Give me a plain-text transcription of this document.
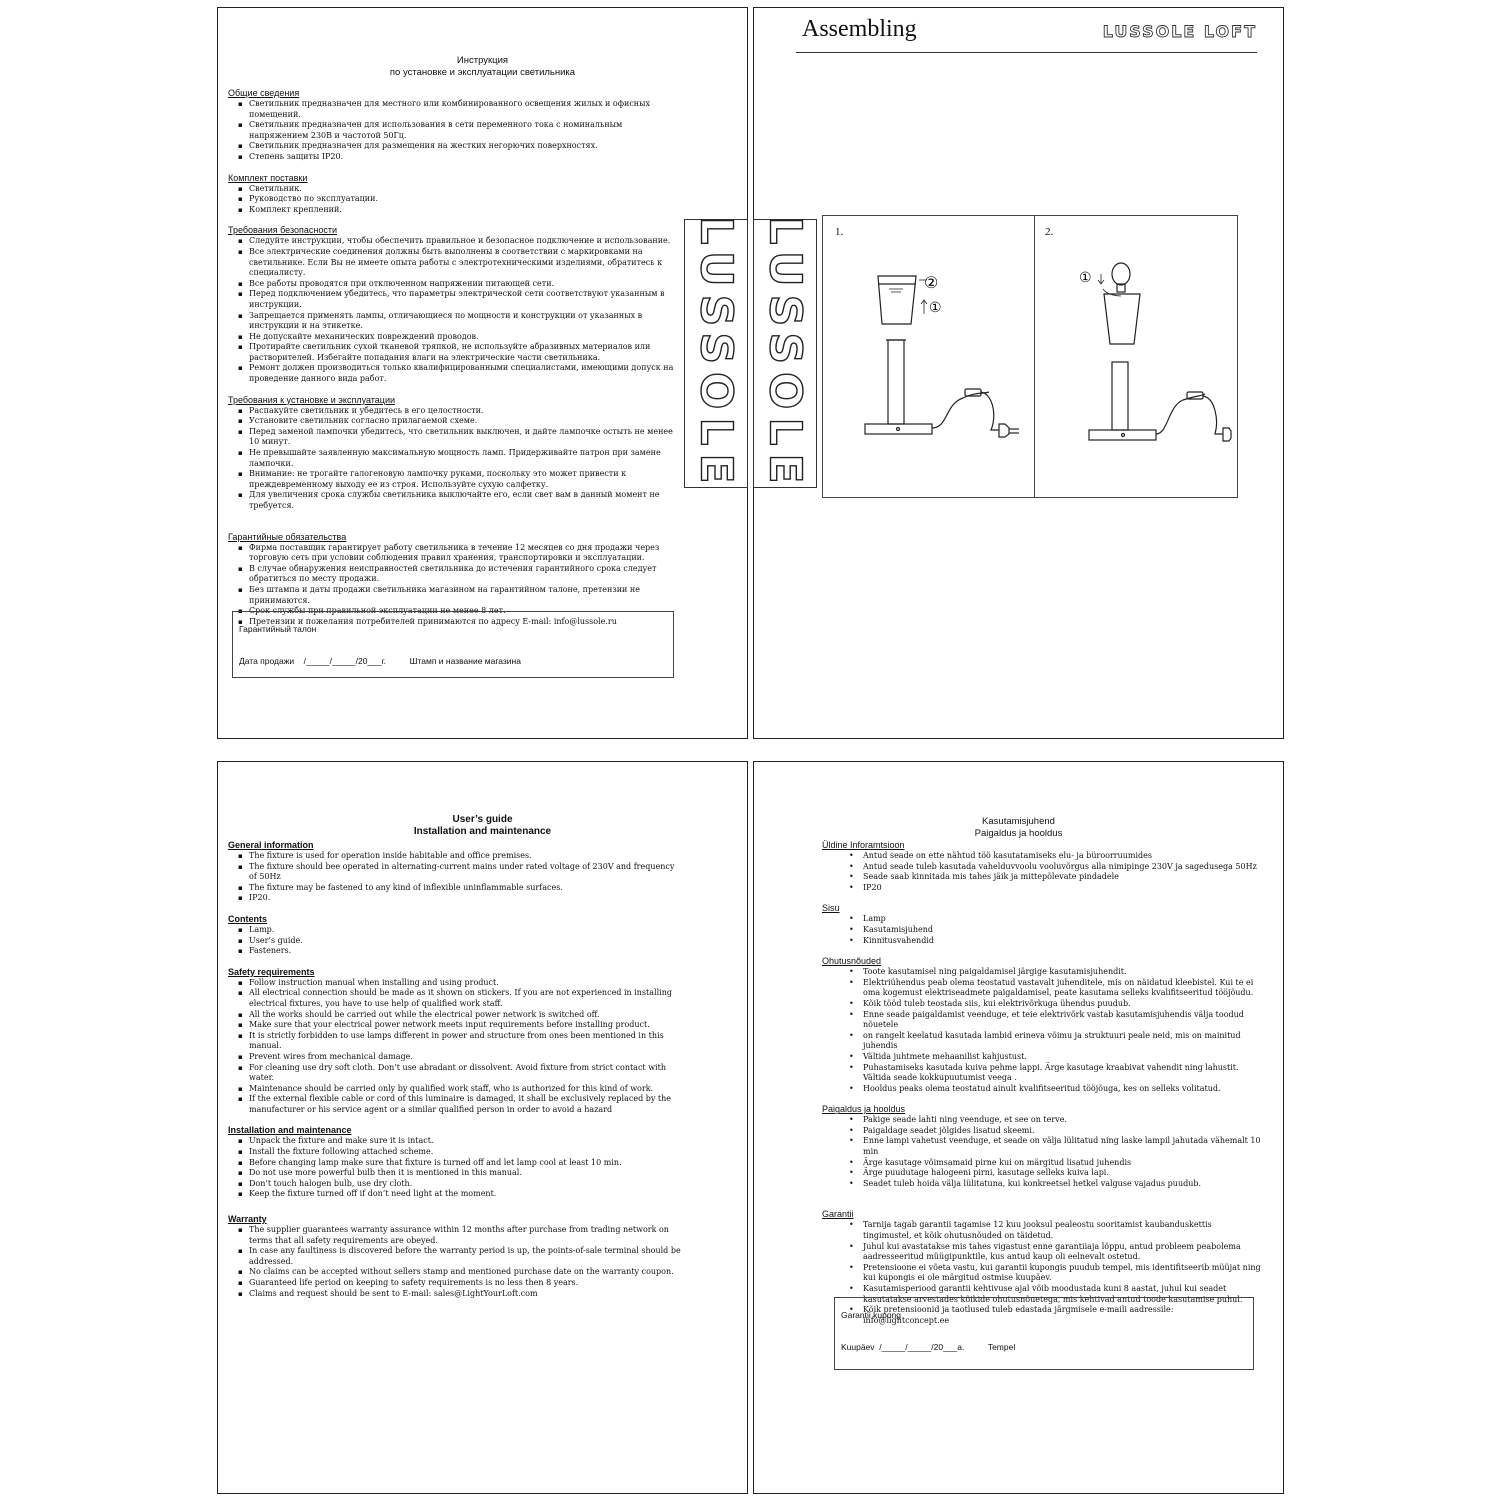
Инструкция
по установке и эксплуатации светильника
Общие сведения
▪ Светильник предназначен для местного или комбинированного освещения жилых и офисных помещений.
▪ Светильник предназначен для использования в сети переменного тока с номинальным напряжением 230В и частотой 50Гц.
▪ Светильник предназначен для размещения на жестких негорючих поверхностях.
▪ Степень защиты IP20.
Комплект поставки
▪ Светильник.
▪ Руководство по эксплуатации.
▪ Комплект креплений.
Требования безопасности
▪ Следуйте инструкции, чтобы обеспечить правильное и безопасное подключение и использование.
▪ Все электрические соединения должны быть выполнены в соответствии с маркировками на светильнике. Если Вы не имеете опыта работы с электротехническими изделиями, обратитесь к специалисту.
▪ Все работы проводятся при отключенном напряжении питающей сети.
▪ Перед подключением убедитесь, что параметры электрической сети соответствуют указанным в инструкции.
▪ Запрещается применять лампы, отличающиеся по мощности и конструкции от указанных в инструкции и на этикетке.
▪ Не допускайте механических повреждений проводов.
▪ Протирайте светильник сухой тканевой тряпкой, не используйте абразивных материалов или растворителей. Избегайте попадания влаги на электрические части светильника.
▪ Ремонт должен производиться только квалифицированными специалистами, имеющими допуск на проведение данного вида работ.
Требования к установке и эксплуатации
▪ Распакуйте светильник и убедитесь в его целостности.
▪ Установите светильник согласно прилагаемой схеме.
▪ Перед заменой лампочки убедитесь, что светильник выключен, и дайте лампочке остыть не менее 10 минут.
▪ Не превышайте заявленную максимальную мощность ламп. Придерживайте патрон при замене лампочки.
▪ Внимание: не трогайте галогеновую лампочку руками, поскольку это может привести к преждевременному выходу ее из строя. Используйте сухую салфетку.
▪ Для увеличения срока службы светильника выключайте его, если свет вам в данный момент не требуется.
Гарантийные обязательства
▪ Фирма поставщик гарантирует работу светильника в течение 12 месяцев со дня продажи через торговую сеть при условии соблюдения правил хранения, транспортировки и эксплуатации.
▪ В случае обнаружения неисправностей светильника до истечения гарантийного срока следует обратиться по месту продажи.
▪ Без штампа и даты продажи светильника магазином на гарантийном талоне, претензии не принимаются.
▪ Срок службы при правильной эксплуатации не менее 8 лет.
▪ Претензии и пожелания потребителей принимаются по адресу E-mail: info@lussole.ru
Гарантийный талон
Дата продажи    /_____/_____/20___г.          Штамп и название магазина
Assembling	LUSSOLE LOFT
1.	2.
②
①
①
LUSSOLE LUSSOLE
User’s guide
Installation and maintenance
General information
▪ The fixture is used for operation inside habitable and office premises.
▪ The fixture should bee operated in alternating-current mains under rated voltage of 230V and frequency of 50Hz
▪ The fixture may be fastened to any kind of inflexible uninflammable surfaces.
▪ IP20.
Contents
▪ Lamp.
▪ User’s guide.
▪ Fasteners.
Safety requirements
▪ Follow instruction manual when installing and using product.
▪ All electrical connection should be made as it shown on stickers. If you are not experienced in installing electrical fixtures, you have to use help of qualified work staff.
▪ All the works should be carried out while the electrical power network is switched off.
▪ Make sure that your electrical power network meets input requirements before installing product.
▪ It is strictly forbidden to use lamps different in power and structure from ones been mentioned in this manual.
▪ Prevent wires from mechanical damage.
▪ For cleaning use dry soft cloth. Don’t use abradant or dissolvent. Avoid fixture from strict contact with water.
▪ Maintenance should be carried only by qualified work staff, who is authorized for this kind of work.
▪ If the external flexible cable or cord of this luminaire is damaged, it shall be exclusively replaced by the manufacturer or his service agent or a similar qualified person in order to avoid a hazard
Installation and maintenance
▪ Unpack the fixture and make sure it is intact.
▪ Install the fixture following attached scheme.
▪ Before changing lamp make sure that fixture is turned off and let lamp cool at least 10 min.
▪ Do not use more powerful bulb then it is mentioned in this manual.
▪ Don’t touch halogen bulb, use dry cloth.
▪ Keep the fixture turned off if don’t need light at the moment.
Warranty
▪ The supplier guarantees warranty assurance within 12 months after purchase from trading network on terms that all safety requirements are obeyed.
▪ In case any faultiness is discovered before the warranty period is up, the points-of-sale terminal should be addressed.
▪ No claims can be accepted without sellers stamp and mentioned purchase date on the warranty coupon.
▪ Guaranteed life period on keeping to safety requirements is no less then 8 years.
▪ Claims and request should be sent to E-mail: sales@LightYourLoft.com
Kasutamisjuhend
Paigaldus ja hooldus
Üldine Inforamtsioon
• Antud seade on ette nähtud töö kasutatamiseks elu- ja büroorruumides
• Antud seade tuleb kasutada vahelduvvoolu vooluvõrgus alla nimipinge 230V ja sagedusega 50Hz
• Seade saab kinnitada mis tahes jäik ja mittepõlevate pindadele
• IP20
Sisu
• Lamp
• Kasutamisjuhend
• Kinnitusvahendid
Ohutusnõuded
• Toote kasutamisel ning paigaldamisel järgige kasutamisjuhendit.
• Elektriühendus peab olema teostatud vastavalt juhenditele, mis on näidatud kleebistel. Kui te ei oma kogemust elektriseadmete paigaldamisel, peate kasutama selleks kvalifitseeritud tööjõudu.
• Kõik tööd tuleb teostada siis, kui elektrivõrkuga ühendus puudub.
• Enne seade paigaldamist veenduge, et teie elektrivõrk vastab kasutamisjuhendis välja toodud nõuetele
• on rangelt keelatud kasutada lambid erineva võimu ja struktuuri peale neid, mis on mainitud juhendis
• Vältida juhtmete mehaanilist kahjustust.
• Puhastamiseks kasutada kuiva pehme lappi. Ärge kasutage kraabivat vahendit ning lahustit. Vältida seade kokkupuutumist veega .
• Hooldus peaks olema teostatud ainult kvalifitseeritud tööjõuga, kes on selleks volitatud.
Paigaldus ja hooldus
• Pakige seade lahti ning veenduge, et see on terve.
• Paigaldage seadet jõlgides lisatud skeemi.
• Enne lampi vahetust veenduge, et seade on välja lülitatud ning laske lampil jahutada vähemalt 10 min
• Ärge kasutage võimsamaid pirne kui on märgitud lisatud juhendis
• Ärge puudutage halogeeni pirni, kasutage selleks kuiva lapi.
• Seadet tuleb hoida välja lülitatuna, kui konkreetsel hetkel valguse vajadus puudub.
Garantii
• Tarnija tagab garantii tagamise 12 kuu jooksul pealeostu sooritamist kaubanduskettis tingimustel, et kõik ohutusnõuded on täidetud.
• Juhul kui avastatakse mis tahes vigastust enne garantiiaja lõppu, antud probleem peabolema aadresseeritud müügipunktile, kus antud kaup oli eelnevalt ostetud.
• Pretensioone ei võeta vastu, kui garantii kupongis puudub tempel, mis identifitseerib müüjat ning kui kupongis ei ole märgitud ostmise kuupäev.
• Kasutamisperiood garantii kehtivuse ajal võib moodustada kuni 8 aastat, juhul kui seadet kasutatakse arvestades kõikide ohutusnõuetega, mis kehtivad antud toode kasutamise puhul.
• Kõik pretensioonid ja taotlused tuleb edastada järgmisele e-maili aadressile: info@lightconcept.ee
Garantii kupong
Kuupäev  /_____/_____/20___a.          Tempel
